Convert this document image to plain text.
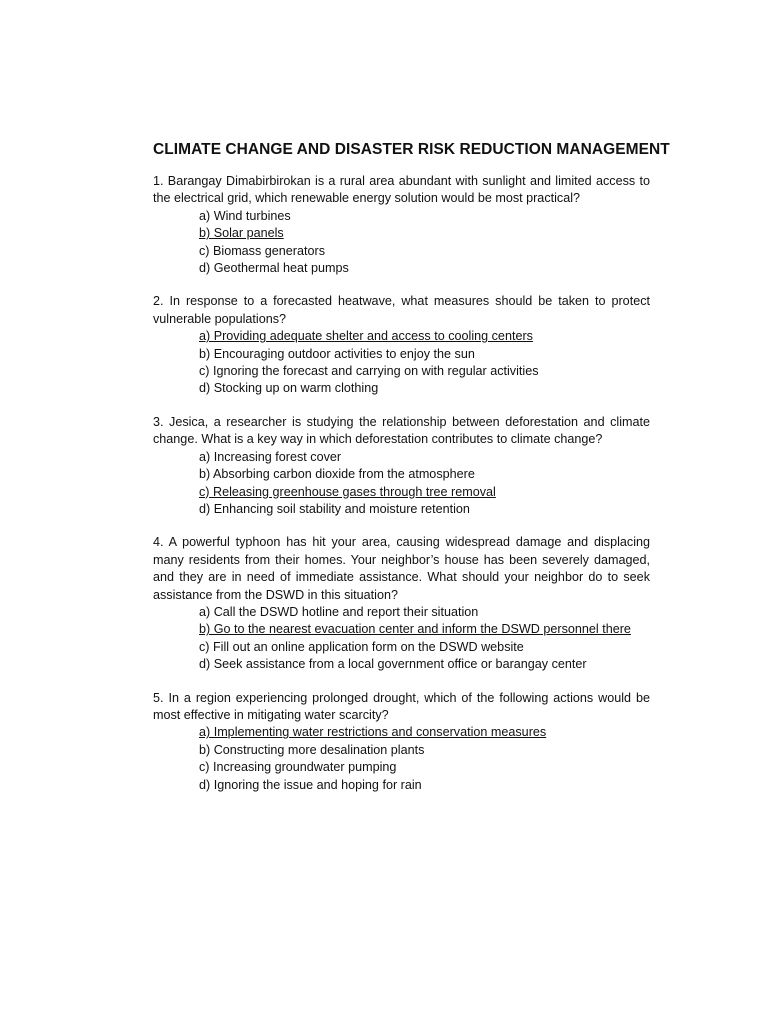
CLIMATE CHANGE AND DISASTER RISK REDUCTION MANAGEMENT

1. Barangay Dimabirbirokan is a rural area abundant with sunlight and limited access to the electrical grid, which renewable energy solution would be most practical?

a) Wind turbines
b) Solar panels
c) Biomass generators
d) Geothermal heat pumps

2. In response to a forecasted heatwave, what measures should be taken to protect vulnerable populations?

a) Providing adequate shelter and access to cooling centers
b) Encouraging outdoor activities to enjoy the sun
c) Ignoring the forecast and carrying on with regular activities
d) Stocking up on warm clothing

3. Jesica, a researcher is studying the relationship between deforestation and climate change. What is a key way in which deforestation contributes to climate change?

a) Increasing forest cover
b) Absorbing carbon dioxide from the atmosphere
c) Releasing greenhouse gases through tree removal
d) Enhancing soil stability and moisture retention

4. A powerful typhoon has hit your area, causing widespread damage and displacing many residents from their homes. Your neighbor’s house has been severely damaged, and they are in need of immediate assistance. What should your neighbor do to seek assistance from the DSWD in this situation?

a) Call the DSWD hotline and report their situation
b) Go to the nearest evacuation center and inform the DSWD personnel there
c) Fill out an online application form on the DSWD website
d) Seek assistance from a local government office or barangay center

5. In a region experiencing prolonged drought, which of the following actions would be most effective in mitigating water scarcity?

a) Implementing water restrictions and conservation measures
b) Constructing more desalination plants
c) Increasing groundwater pumping
d) Ignoring the issue and hoping for rain
